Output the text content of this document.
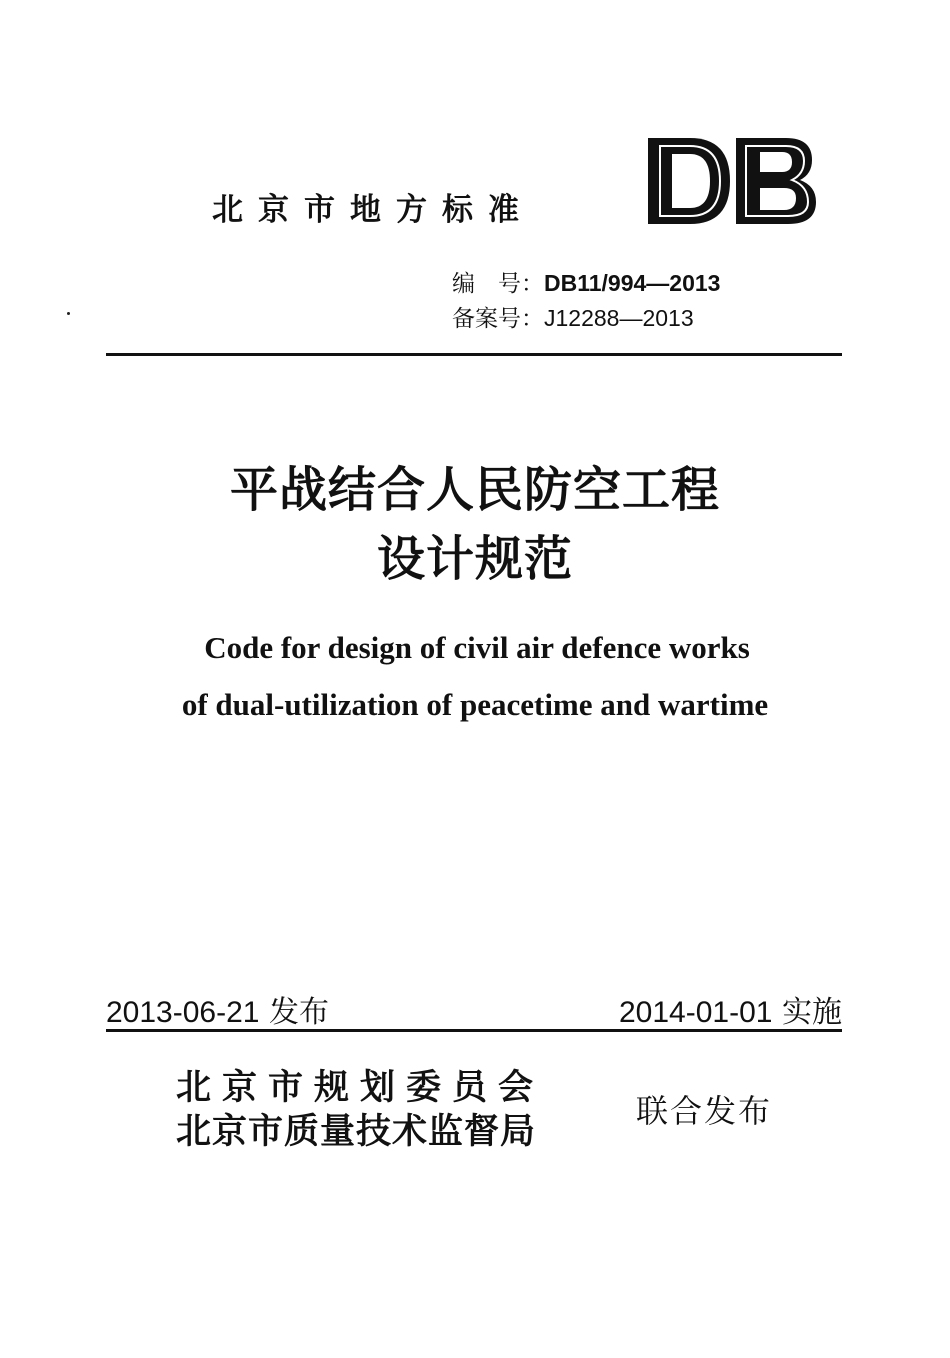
北京市地方标准
编　号：DB11/994—2013
备案号：J12288—2013
平战结合人民防空工程
设计规范
Code for design of civil air defence works
of dual-utilization of peacetime and wartime
2013-06-21 发布	2014-01-01 实施
北京市规划委员会
北京市质量技术监督局
联合发布
